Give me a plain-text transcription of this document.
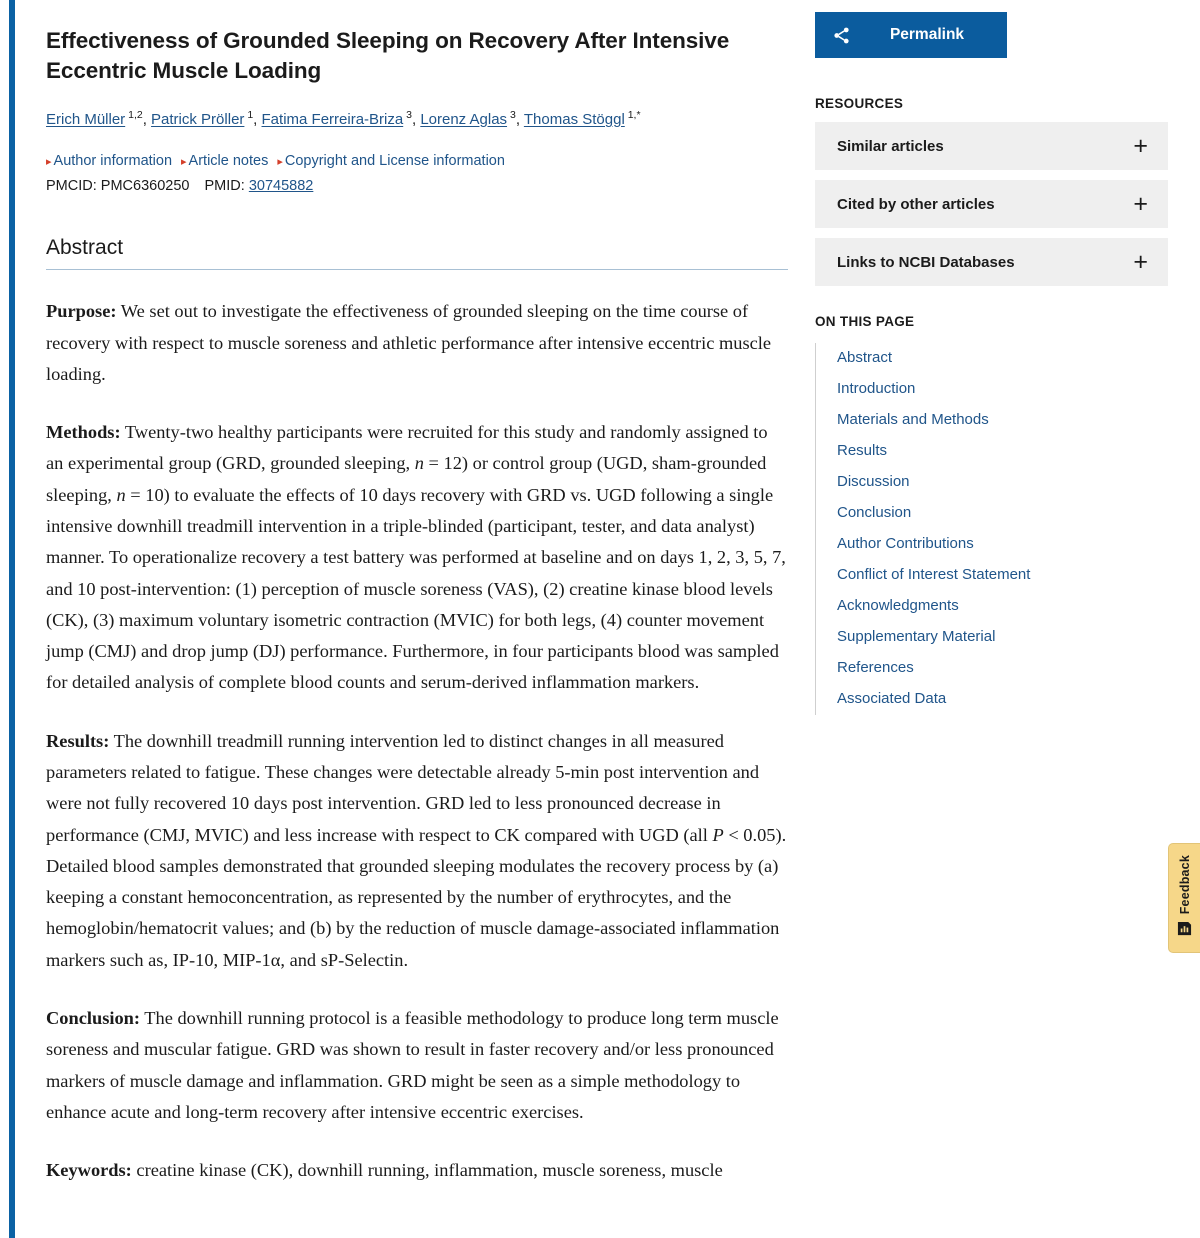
Effectiveness of Grounded Sleeping on Recovery After Intensive Eccentric Muscle Loading
Erich Müller $^{1,2}$, Patrick Pröller $^1$, Fatima Ferreira-Briza $^3$, Lorenz Aglas $^3$, Thomas Stöggl $^{1,*}$
▸ Author information ▸ Article notes ▸ Copyright and License information
PMCID: PMC6360250 PMID: 30745882
Abstract

Purpose: We set out to investigate the effectiveness of grounded sleeping on the time course of recovery with respect to muscle soreness and athletic performance after intensive eccentric muscle loading.

Methods: Twenty-two healthy participants were recruited for this study and randomly assigned to an experimental group (GRD, grounded sleeping, n = 12) or control group (UGD, sham-grounded sleeping, n = 10) to evaluate the effects of 10 days recovery with GRD vs. UGD following a single intensive downhill treadmill intervention in a triple-blinded (participant, tester, and data analyst) manner. To operationalize recovery a test battery was performed at baseline and on days 1, 2, 3, 5, 7, and 10 post-intervention: (1) perception of muscle soreness (VAS), (2) creatine kinase blood levels (CK), (3) maximum voluntary isometric contraction (MVIC) for both legs, (4) counter movement jump (CMJ) and drop jump (DJ) performance. Furthermore, in four participants blood was sampled for detailed analysis of complete blood counts and serum-derived inflammation markers.

Results: The downhill treadmill running intervention led to distinct changes in all measured parameters related to fatigue. These changes were detectable already 5-min post intervention and were not fully recovered 10 days post intervention. GRD led to less pronounced decrease in performance (CMJ, MVIC) and less increase with respect to CK compared with UGD (all P < 0.05). Detailed blood samples demonstrated that grounded sleeping modulates the recovery process by (a) keeping a constant hemoconcentration, as represented by the number of erythrocytes, and the hemoglobin/hematocrit values; and (b) by the reduction of muscle damage-associated inflammation markers such as, IP-10, MIP-1α, and sP-Selectin.

Conclusion: The downhill running protocol is a feasible methodology to produce long term muscle soreness and muscular fatigue. GRD was shown to result in faster recovery and/or less pronounced markers of muscle damage and inflammation. GRD might be seen as a simple methodology to enhance acute and long-term recovery after intensive eccentric exercises.

Keywords: creatine kinase (CK), downhill running, inflammation, muscle soreness, muscle

Permalink
RESOURCES
Similar articles	+
Cited by other articles	+
Links to NCBI Databases	+
ON THIS PAGE
Abstract
Introduction
Materials and Methods
Results
Discussion
Conclusion
Author Contributions
Conflict of Interest Statement
Acknowledgments
Supplementary Material
References
Associated Data
Feedback
